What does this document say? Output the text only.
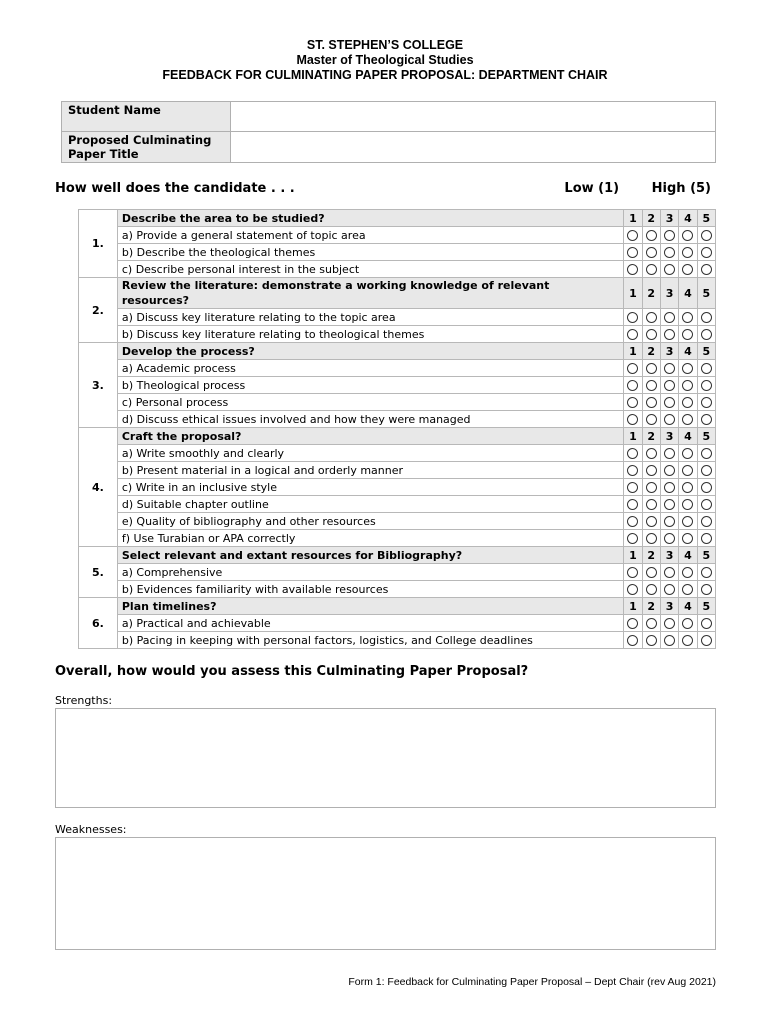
ST. STEPHEN’S COLLEGE
Master of Theological Studies
FEEDBACK FOR CULMINATING PAPER PROPOSAL: DEPARTMENT CHAIR
Student Name	
Proposed Culminating Paper Title	
How well does the candidate . . .	Low (1)	High (5)
1.	Describe the area to be studied?	1	2	3	4	5
	a) Provide a general statement of topic area					
	b) Describe the theological themes					
	c) Describe personal interest in the subject					
2.	Review the literature: demonstrate a working knowledge of relevant resources?	1	2	3	4	5
	a) Discuss key literature relating to the topic area					
	b) Discuss key literature relating to theological themes					
3.	Develop the process?	1	2	3	4	5
	a) Academic process					
	b) Theological process					
	c) Personal process					
	d) Discuss ethical issues involved and how they were managed					
4.	Craft the proposal?	1	2	3	4	5
	a) Write smoothly and clearly					
	b) Present material in a logical and orderly manner					
	c) Write in an inclusive style					
	d) Suitable chapter outline					
	e) Quality of bibliography and other resources					
	f) Use Turabian or APA correctly					
5.	Select relevant and extant resources for Bibliography?	1	2	3	4	5
	a) Comprehensive					
	b) Evidences familiarity with available resources					
6.	Plan timelines?	1	2	3	4	5
	a) Practical and achievable					
	b) Pacing in keeping with personal factors, logistics, and College deadlines					
Overall, how would you assess this Culminating Paper Proposal?
Strengths:
Weaknesses:
Form 1: Feedback for Culminating Paper Proposal – Dept Chair (rev Aug 2021)
